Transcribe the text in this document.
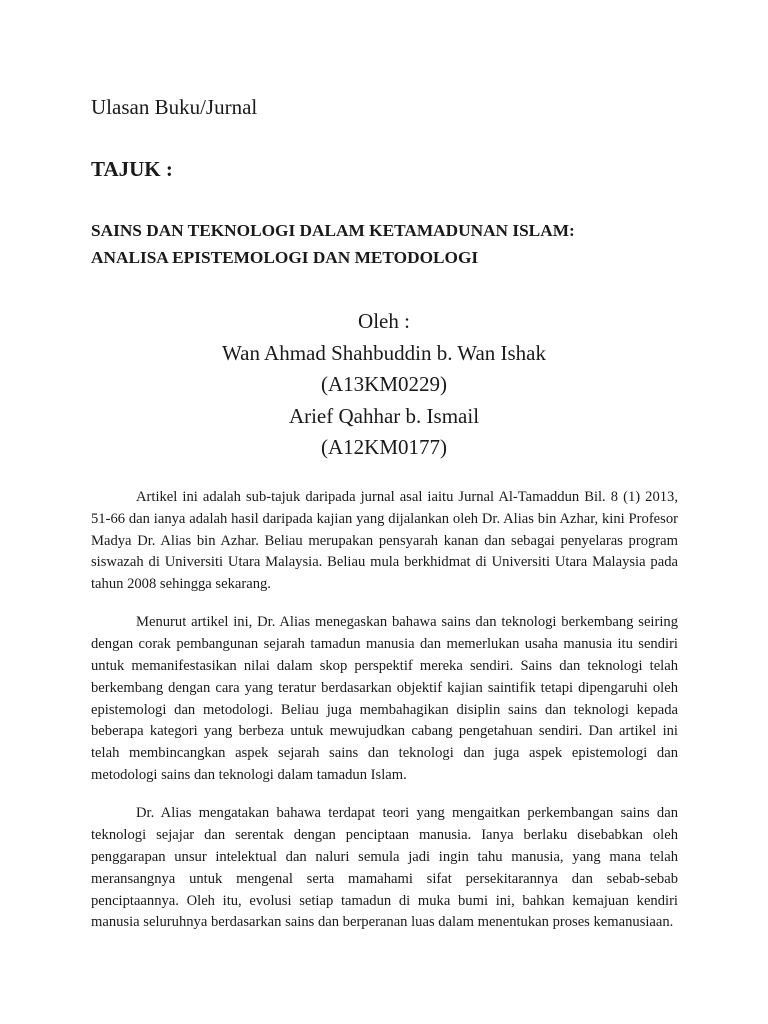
Ulasan Buku/Jurnal
TAJUK :
SAINS DAN TEKNOLOGI DALAM KETAMADUNAN ISLAM:
ANALISA EPISTEMOLOGI DAN METODOLOGI
Oleh :
Wan Ahmad Shahbuddin b. Wan Ishak
(A13KM0229)
Arief Qahhar b. Ismail
(A12KM0177)

Artikel ini adalah sub-tajuk daripada jurnal asal iaitu Jurnal Al-Tamaddun Bil. 8 (1) 2013, 51-66 dan ianya adalah hasil daripada kajian yang dijalankan oleh Dr. Alias bin Azhar, kini Profesor Madya Dr. Alias bin Azhar. Beliau merupakan pensyarah kanan dan sebagai penyelaras program siswazah di Universiti Utara Malaysia. Beliau mula berkhidmat di Universiti Utara Malaysia pada tahun 2008 sehingga sekarang.

Menurut artikel ini, Dr. Alias menegaskan bahawa sains dan teknologi berkembang seiring dengan corak pembangunan sejarah tamadun manusia dan memerlukan usaha manusia itu sendiri untuk memanifestasikan nilai dalam skop perspektif mereka sendiri. Sains dan teknologi telah berkembang dengan cara yang teratur berdasarkan objektif kajian saintifik tetapi dipengaruhi oleh epistemologi dan metodologi. Beliau juga membahagikan disiplin sains dan teknologi kepada beberapa kategori yang berbeza untuk mewujudkan cabang pengetahuan sendiri. Dan artikel ini telah membincangkan aspek sejarah sains dan teknologi dan juga aspek epistemologi dan metodologi sains dan teknologi dalam tamadun Islam.

Dr. Alias mengatakan bahawa terdapat teori yang mengaitkan perkembangan sains dan teknologi sejajar dan serentak dengan penciptaan manusia. Ianya berlaku disebabkan oleh penggarapan unsur intelektual dan naluri semula jadi ingin tahu manusia, yang mana telah meransangnya untuk mengenal serta mamahami sifat persekitarannya dan sebab-sebab penciptaannya. Oleh itu, evolusi setiap tamadun di muka bumi ini, bahkan kemajuan kendiri manusia seluruhnya berdasarkan sains dan berperanan luas dalam menentukan proses kemanusiaan.
